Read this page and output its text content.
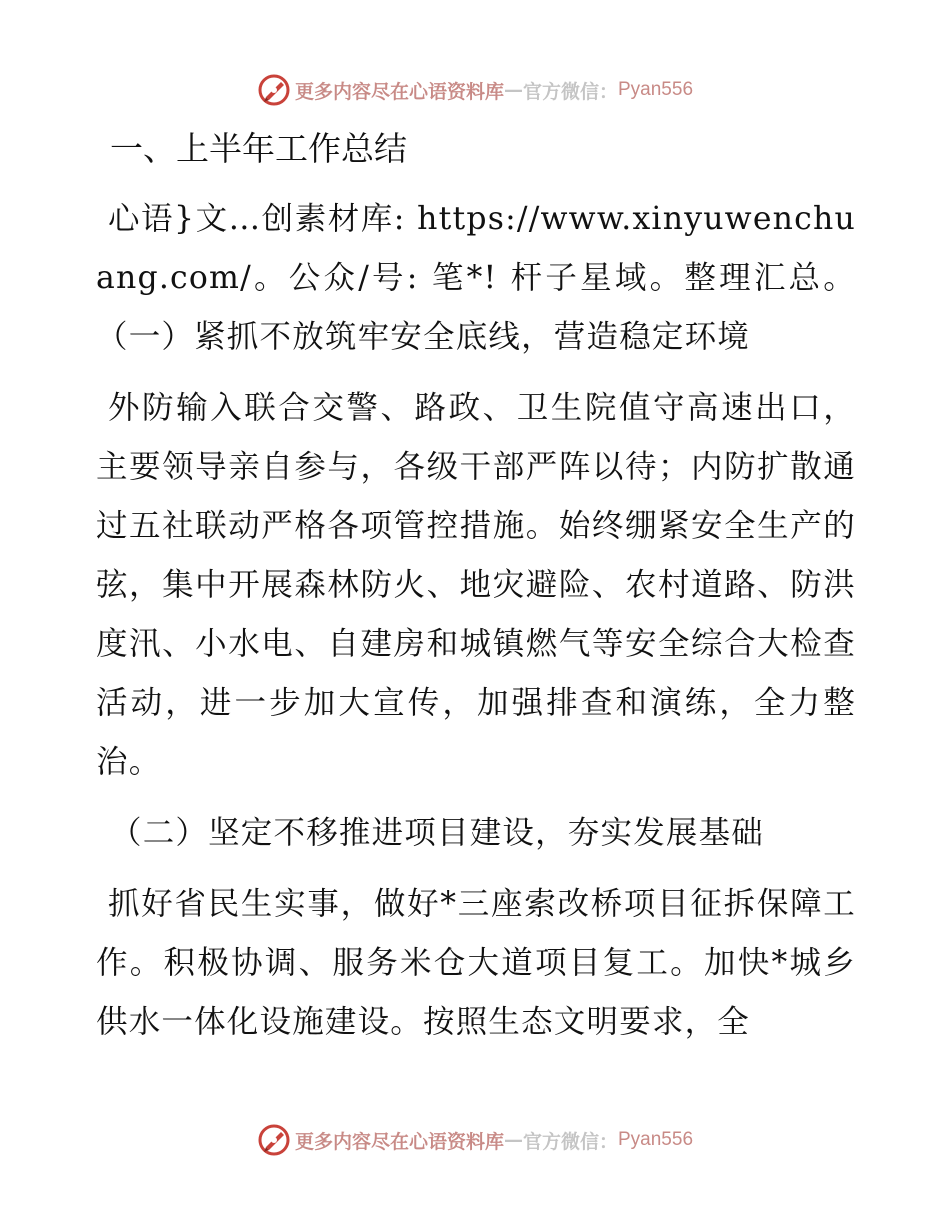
更多内容尽在心语资料库 — 官方微信： Pyan556
一、上半年工作总结

心语}文…创素材库: https://www.xinyuwenchuang.com/。公众/号: 笔*! 杆子星域。整理汇总。（一）紧抓不放筑牢安全底线，营造稳定环境

外防输入联合交警、路政、卫生院值守高速出口，主要领导亲自参与，各级干部严阵以待；内防扩散通过五社联动严格各项管控措施。始终绷紧安全生产的弦，集中开展森林防火、地灾避险、农村道路、防洪度汛、小水电、自建房和城镇燃气等安全综合大检查活动，进一步加大宣传，加强排查和演练，全力整治。

（二）坚定不移推进项目建设，夯实发展基础

抓好省民生实事，做好*三座索改桥项目征拆保障工作。积极协调、服务米仓大道项目复工。加快*城乡供水一体化设施建设。按照生态文明要求，全

更多内容尽在心语资料库 — 官方微信： Pyan556
